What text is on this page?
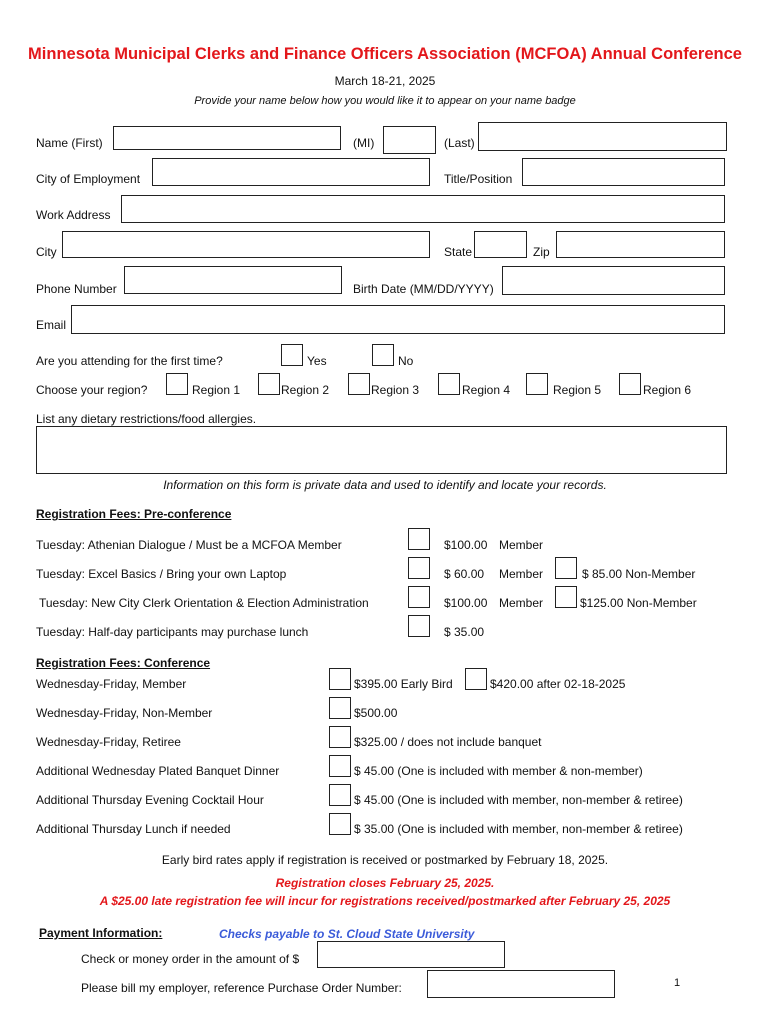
Minnesota Municipal Clerks and Finance Officers Association (MCFOA) Annual Conference
March 18-21, 2025
Provide your name below how you would like it to appear on your name badge
Name (First)	(MI)	(Last)
City of Employment	Title/Position
Work Address
City	State	Zip
Phone Number	Birth Date (MM/DD/YYYY)
Email
Are you attending for the first time?	Yes	No
Choose your region?	Region 1	Region 2	Region 3	Region 4	Region 5	Region 6
List any dietary restrictions/food allergies.
Information on this form is private data and used to identify and locate your records.
Registration Fees: Pre-conference
Tuesday: Athenian Dialogue / Must be a MCFOA Member	$100.00 Member
Tuesday: Excel Basics / Bring your own Laptop	$ 60.00 Member	$ 85.00 Non-Member
Tuesday: New City Clerk Orientation & Election Administration	$100.00 Member	$125.00 Non-Member
Tuesday: Half-day participants may purchase lunch	$ 35.00
Registration Fees: Conference
Wednesday-Friday, Member	$395.00 Early Bird	$420.00 after 02-18-2025
Wednesday-Friday, Non-Member	$500.00
Wednesday-Friday, Retiree	$325.00 / does not include banquet
Additional Wednesday Plated Banquet Dinner	$ 45.00 (One is included with member & non-member)
Additional Thursday Evening Cocktail Hour	$ 45.00 (One is included with member, non-member & retiree)
Additional Thursday Lunch if needed	$ 35.00 (One is included with member, non-member & retiree)
Early bird rates apply if registration is received or postmarked by February 18, 2025.
Registration closes February 25, 2025.
A $25.00 late registration fee will incur for registrations received/postmarked after February 25, 2025
Payment Information:	Checks payable to St. Cloud State University
Check or money order in the amount of $
Please bill my employer, reference Purchase Order Number:	1
